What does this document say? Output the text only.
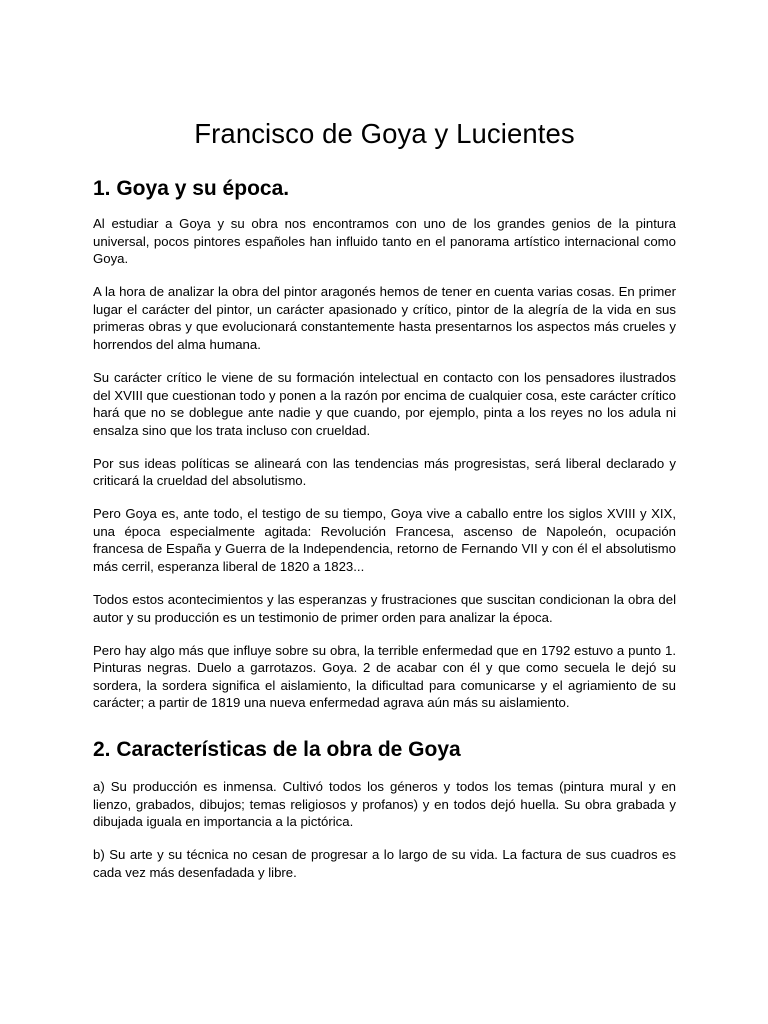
Francisco de Goya y Lucientes
1. Goya y su época.

Al estudiar a Goya y su obra nos encontramos con uno de los grandes genios de la pintura universal, pocos pintores españoles han influido tanto en el panorama artístico internacional como Goya.

A la hora de analizar la obra del pintor aragonés hemos de tener en cuenta varias cosas. En primer lugar el carácter del pintor, un carácter apasionado y crítico, pintor de la alegría de la vida en sus primeras obras y que evolucionará constantemente hasta presentarnos los aspectos más crueles y horrendos del alma humana.

Su carácter crítico le viene de su formación intelectual en contacto con los pensadores ilustrados del XVIII que cuestionan todo y ponen a la razón por encima de cualquier cosa, este carácter crítico hará que no se doblegue ante nadie y que cuando, por ejemplo, pinta a los reyes no los adula ni ensalza sino que los trata incluso con crueldad.

Por sus ideas políticas se alineará con las tendencias más progresistas, será liberal declarado y criticará la crueldad del absolutismo.

Pero Goya es, ante todo, el testigo de su tiempo, Goya vive a caballo entre los siglos XVIII y XIX, una época especialmente agitada: Revolución Francesa, ascenso de Napoleón, ocupación francesa de España y Guerra de la Independencia, retorno de Fernando VII y con él el absolutismo más cerril, esperanza liberal de 1820 a 1823...

Todos estos acontecimientos y las esperanzas y frustraciones que suscitan condicionan la obra del autor y su producción es un testimonio de primer orden para analizar la época.

Pero hay algo más que influye sobre su obra, la terrible enfermedad que en 1792 estuvo a punto 1. Pinturas negras. Duelo a garrotazos. Goya. 2 de acabar con él y que como secuela le dejó su sordera, la sordera significa el aislamiento, la dificultad para comunicarse y el agriamiento de su carácter; a partir de 1819 una nueva enfermedad agrava aún más su aislamiento.

2. Características de la obra de Goya

a) Su producción es inmensa. Cultivó todos los géneros y todos los temas (pintura mural y en lienzo, grabados, dibujos; temas religiosos y profanos) y en todos dejó huella. Su obra grabada y dibujada iguala en importancia a la pictórica.

b) Su arte y su técnica no cesan de progresar a lo largo de su vida. La factura de sus cuadros es cada vez más desenfadada y libre.
